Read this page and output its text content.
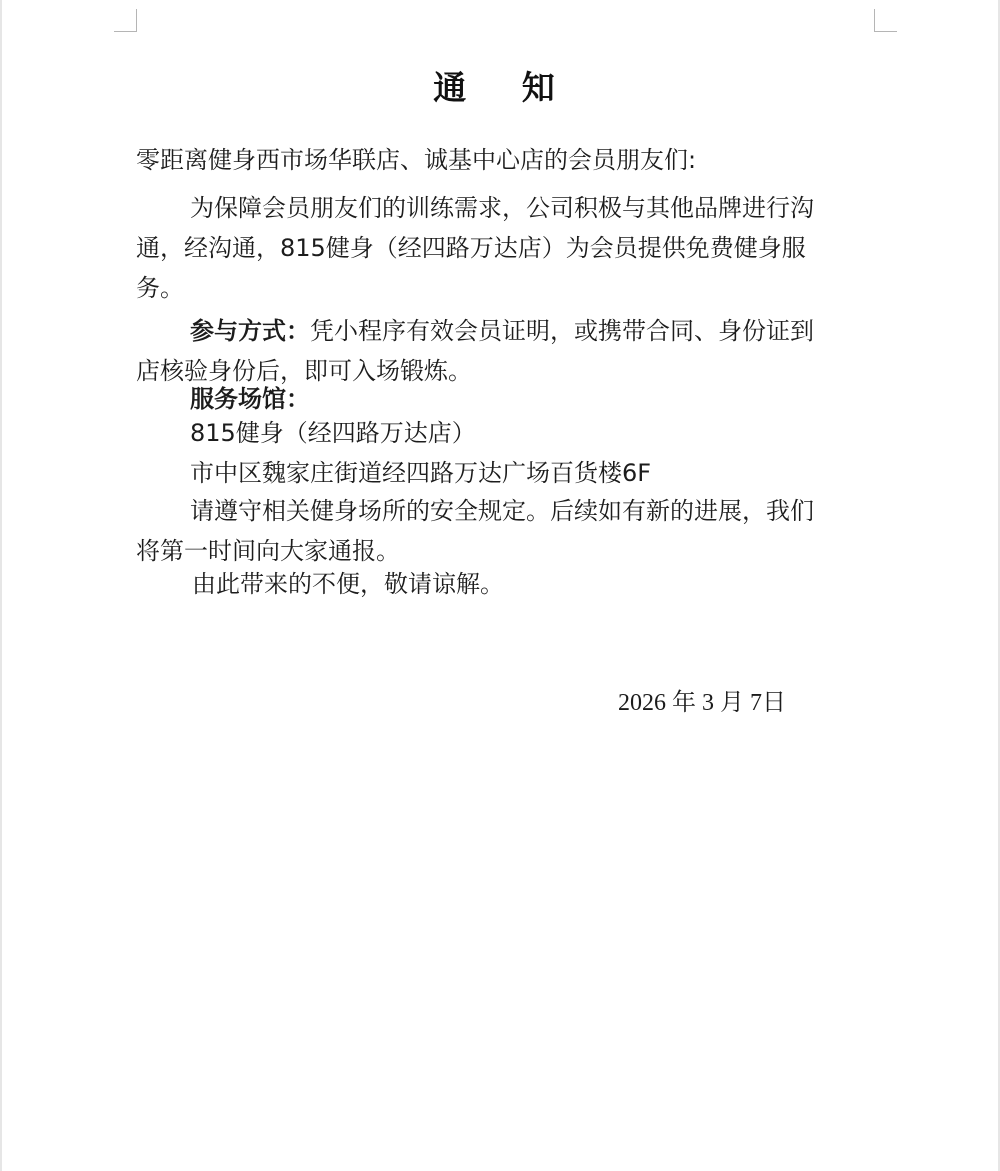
通 知
零距离健身西市场华联店、诚基中心店的会员朋友们:
为保障会员朋友们的训练需求，公司积极与其他品牌进行沟
通，经沟通，815健身（经四路万达店）为会员提供免费健身服
务。
参与方式：凭小程序有效会员证明，或携带合同、身份证到
店核验身份后，即可入场锻炼。
服务场馆：
815健身（经四路万达店）
市中区魏家庄街道经四路万达广场百货楼6F
请遵守相关健身场所的安全规定。后续如有新的进展，我们
将第一时间向大家通报。
由此带来的不便，敬请谅解。
2026 年 3 月 7日
